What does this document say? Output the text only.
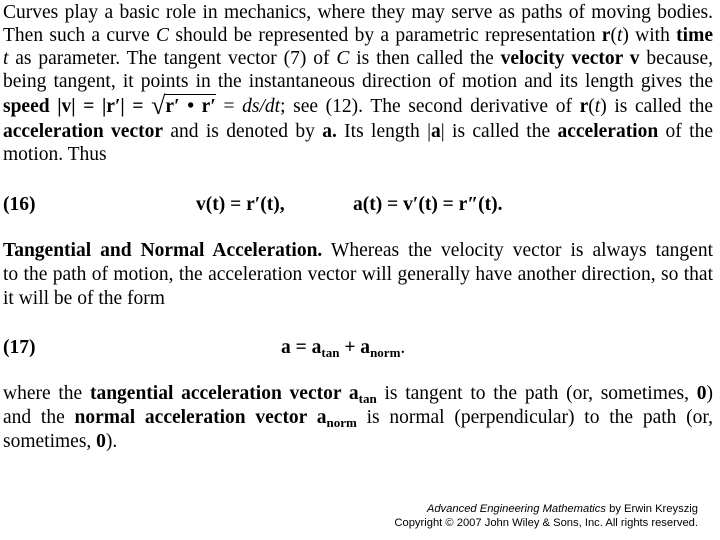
Curves play a basic role in mechanics, where they may serve as paths of moving bodies.
Then such a curve C should be represented by a parametric representation r(t) with time
t as parameter. The tangent vector (7) of C is then called the velocity vector v because,
being tangent, it points in the instantaneous direction of motion and its length gives the
speed |v| = |r′| = √r′ • r′ = ds/dt; see (12). The second derivative of r(t) is called the
acceleration vector and is denoted by a. Its length |a| is called the acceleration of the
motion. Thus
(16)	v(t) = r′(t),	a(t) = v′(t) = r″(t).
Tangential and Normal Acceleration. Whereas the velocity vector is always tangent
to the path of motion, the acceleration vector will generally have another direction, so that
it will be of the form
(17)	$a = a_{tan} + a_{norm}$.
where the tangential acceleration vector $a_{tan}$ is tangent to the path (or, sometimes, 0)
and the normal acceleration vector $a_{norm}$ is normal (perpendicular) to the path (or,
sometimes, 0).
Advanced Engineering Mathematics by Erwin Kreyszig
Copyright © 2007 John Wiley & Sons, Inc. All rights reserved.
